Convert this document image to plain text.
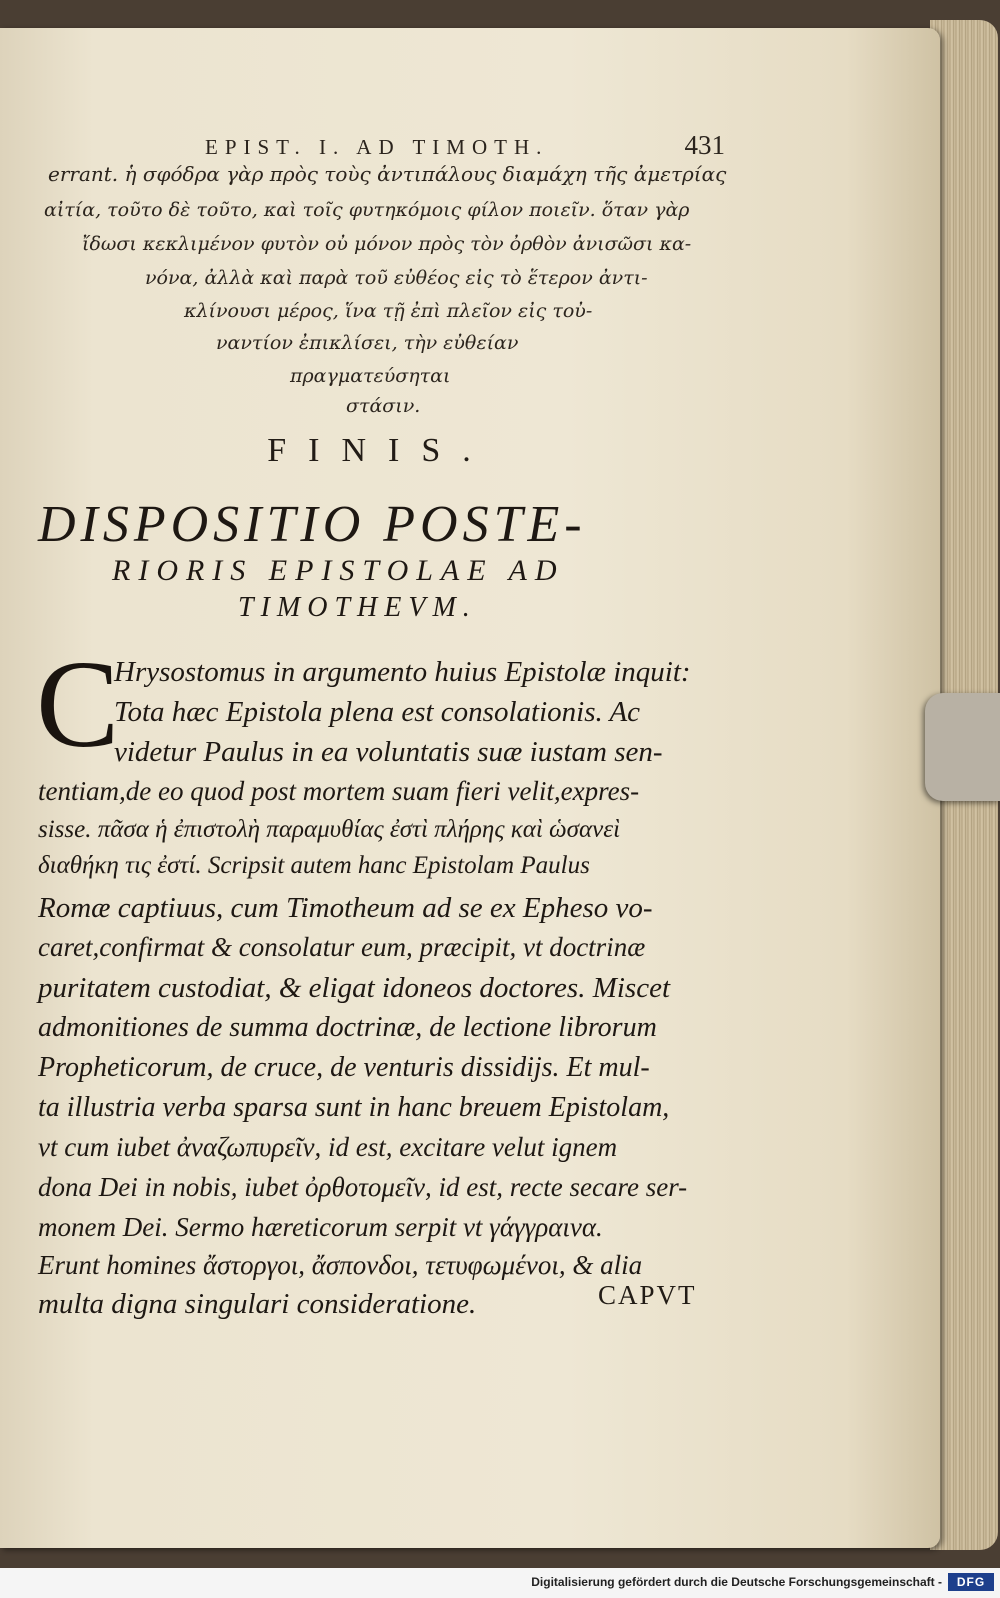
EPIST. I. AD TIMOTH.	431
errant. ἡ σφόδρα γὰρ πρὸς τοὺς ἀντιπάλους διαμάχη τῆς ἀμετρίας
αἰτία, τοῦτο δὲ τοῦτο, καὶ τοῖς φυτηκόμοις φίλον ποιεῖν. ὅταν γὰρ
ἴδωσι κεκλιμένον φυτὸν οὐ μόνον πρὸς τὸν ὀρθὸν ἀνισῶσι κα-
νόνα, ἀλλὰ καὶ παρὰ τοῦ εὐθέος εἰς τὸ ἕτερον ἀντι-
κλίνουσι μέρος, ἵνα τῇ ἐπὶ πλεῖον εἰς τοὐ-
ναντίον ἐπικλίσει, τὴν εὐθείαν
πραγματεύσηται
στάσιν.
FINIS.
DISPOSITIO POSTE-
RIORIS EPISTOLAE AD
TIMOTHEVM.
C
Hrysostomus in argumento huius Epistolæ inquit:
Tota hæc Epistola plena est consolationis. Ac
videtur Paulus in ea voluntatis suæ iustam sen-
tentiam,de eo quod post mortem suam fieri velit,expres-
sisse. πᾶσα ἡ ἐπιστολὴ παραμυθίας ἐστὶ πλήρης καὶ ὡσανεὶ
διαθήκη τις ἐστί. Scripsit autem hanc Epistolam Paulus
Romæ captiuus, cum Timotheum ad se ex Epheso vo-
caret,confirmat & consolatur eum, præcipit, vt doctrinæ
puritatem custodiat, & eligat idoneos doctores. Miscet
admonitiones de summa doctrinæ, de lectione librorum
Propheticorum, de cruce, de venturis dissidijs. Et mul-
ta illustria verba sparsa sunt in hanc breuem Epistolam,
vt cum iubet ἀναζωπυρεῖν, id est, excitare velut ignem
dona Dei in nobis, iubet ὀρθοτομεῖν, id est, recte secare ser-
monem Dei. Sermo hæreticorum serpit vt γάγγραινα.
Erunt homines ἄστοργοι, ἄσπονδοι, τετυφωμένοι, & alia
multa digna singulari consideratione.	CAPVT
Digitalisierung gefördert durch die Deutsche Forschungsgemeinschaft -	DFG
